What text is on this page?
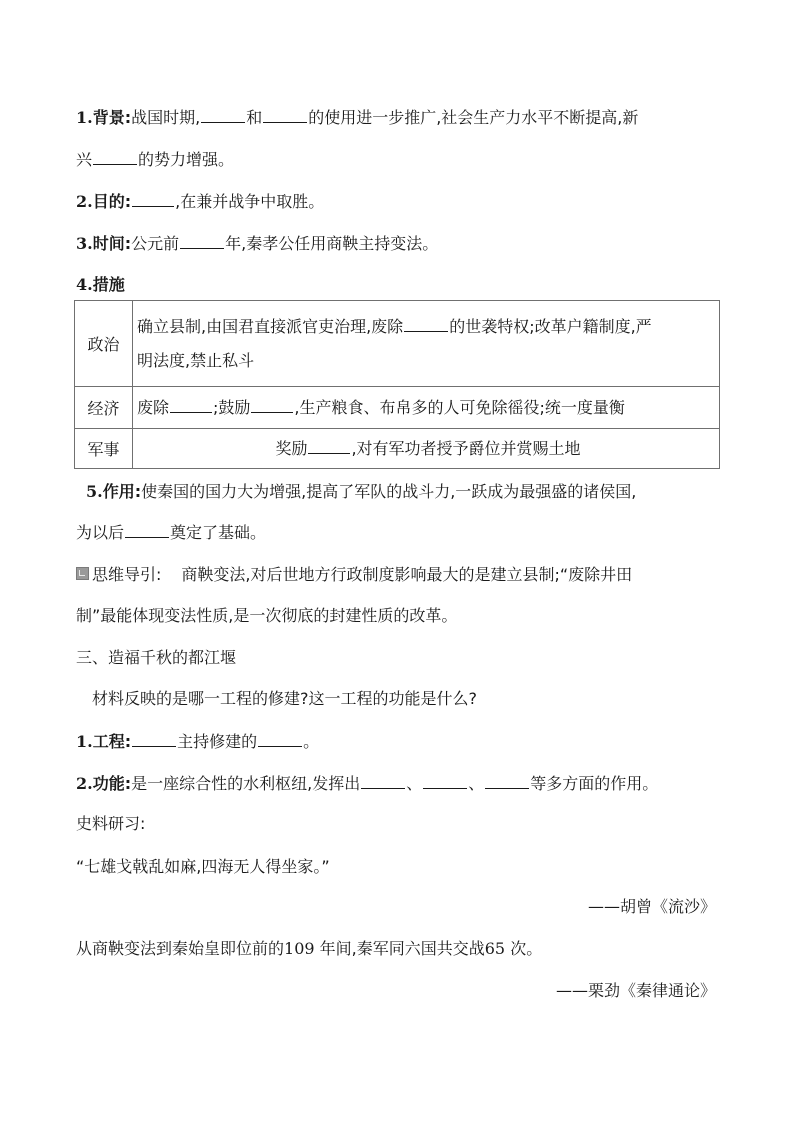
1.背景:战国时期,	和	的使用进一步推广,社会生产力水平不断提高,新
兴	的势力增强。
2.目的:	,在兼并战争中取胜。
3.时间:公元前	年,秦孝公任用商鞅主持变法。
4.措施
政治	确立县制,由国君直接派官吏治理,废除 的世袭特权;改革户籍制度,严
明法度,禁止私斗
经济	废除 ;鼓励 ,生产粮食、布帛多的人可免除徭役;统一度量衡
军事	奖励 ,对有军功者授予爵位并赏赐土地
5.作用:使秦国的国力大为增强,提高了军队的战斗力,一跃成为最强盛的诸侯国,
为以后	奠定了基础。
思维导引: 商鞅变法,对后世地方行政制度影响最大的是建立县制;“废除井田
制”最能体现变法性质,是一次彻底的封建性质的改革。
三、造福千秋的都江堰
材料反映的是哪一工程的修建?这一工程的功能是什么?
1.工程:	主持修建的	。
2.功能:是一座综合性的水利枢纽,发挥出	、	、	等多方面的作用。
史料研习:
“七雄戈戟乱如麻,四海无人得坐家。”
——胡曾《流沙》
从商鞅变法到秦始皇即位前的109 年间,秦军同六国共交战65 次。
——栗劲《秦律通论》
